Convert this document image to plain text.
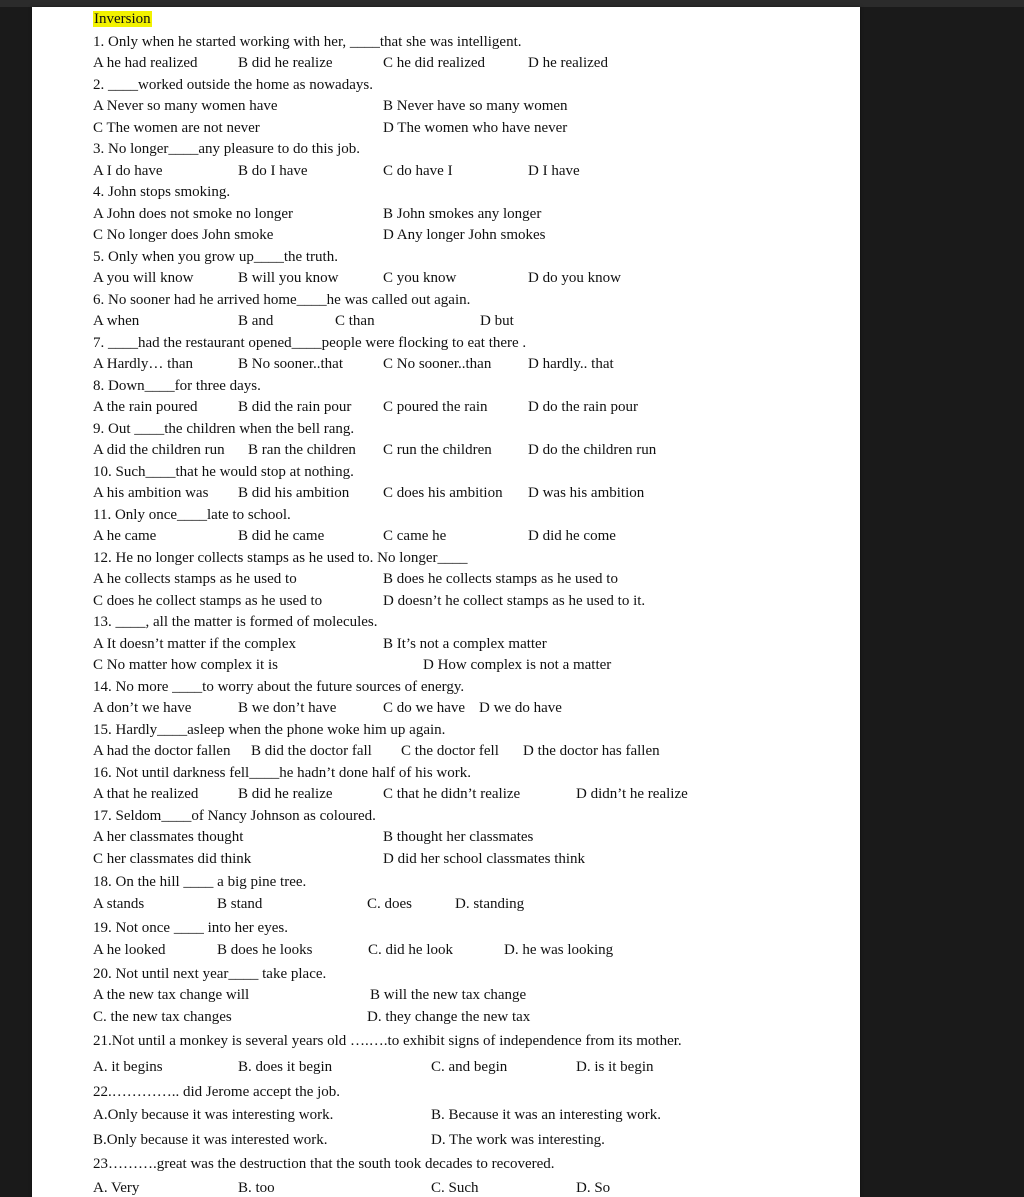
Inversion
1. Only when he started working with her, ____that she was intelligent.
A he had realized	B did he realize	C he did realized	D he realized
2. ____worked outside the home as nowadays.
A Never so many women have	B Never have so many women
C The women are not never	D The women who have never
3. No longer____any pleasure to do this job.
A I do have	B do I have	C do have I	D I have
4. John stops smoking.
A John does not smoke no longer	B John smokes any longer
C No longer does John smoke	D Any longer John smokes
5. Only when you grow up____the truth.
A you will know	B will you know	C you know	D do you know
6. No sooner had he arrived home____he was called out again.
A when	B and	C than	D but
7. ____had the restaurant opened____people were flocking to eat there .
A Hardly… than	B No sooner..that	C No sooner..than D hardly.. that
8. Down____for three days.
A the rain poured	B did the rain pour C poured the rain	D do the rain pour
9. Out ____the children when the bell rang.
A did the children run B ran the children C run the children D do the children run
10. Such____that he would stop at nothing.
A his ambition was B did his ambition C does his ambition D was his ambition
11. Only once____late to school.
A he came	B did he came	C came he	D did he come
12. He no longer collects stamps as he used to. No longer____
A he collects stamps as he used to	B does he collects stamps as he used to
C does he collect stamps as he used to	D doesn’t he collect stamps as he used to it.
13. ____, all the matter is formed of molecules.
A It doesn’t matter if the complex	B It’s not a complex matter
C No matter how complex it is	D How complex is not a matter
14. No more ____to worry about the future sources of energy.
A don’t we have	B we don’t have	C do we have D we do have
15. Hardly____asleep when the phone woke him up again.
A had the doctor fallen B did the doctor fall C the doctor fell D the doctor has fallen
16. Not until darkness fell____he hadn’t done half of his work.
A that he realized	B did he realize	C that he didn’t realize	D didn’t he realize
17. Seldom____of Nancy Johnson as coloured.
A her classmates thought	B thought her classmates
C her classmates did think	D did her school classmates think
18. On the hill ____ a big pine tree.
A stands	B stand	C. does	D. standing
19. Not once ____ into her eyes.
A he looked	B does he looks	C. did he look	D. he was looking
20. Not until next year____ take place.
A the new tax change will	B will the new tax change
C. the new tax changes	D. they change the new tax
21.Not until a monkey is several years old ….….to exhibit signs of independence from its mother.
A. it begins	B. does it begin	C. and begin	D. is it begin
22.………….. did Jerome accept the job.
A.Only because it was interesting work.	B. Because it was an interesting work.
B.Only because it was interested work.	D. The work was interesting.
23……….great was the destruction that the south took decades to recovered.
A. Very	B. too	C. Such	D. So
